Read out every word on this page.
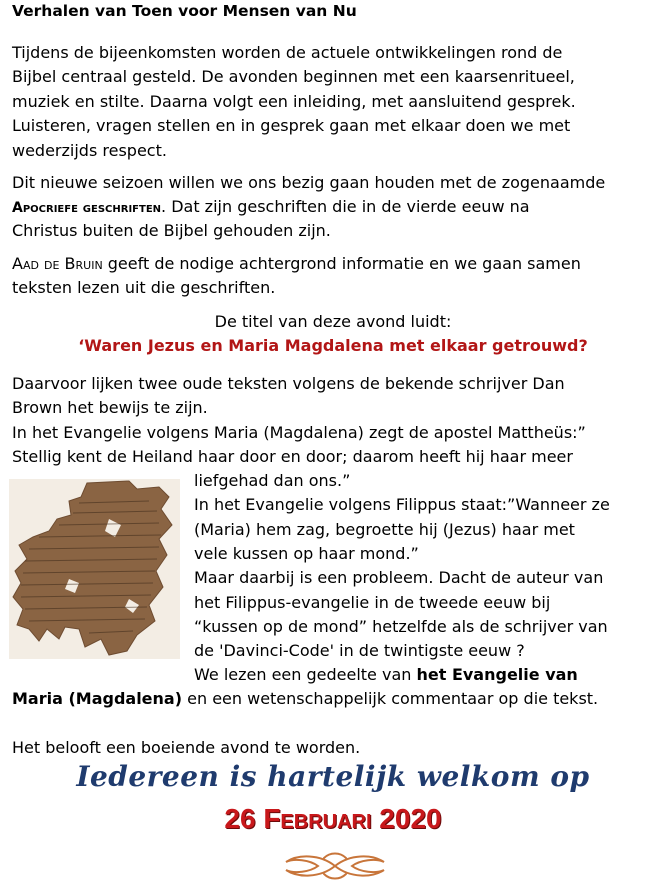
Verhalen van Toen voor Mensen van Nu
Tijdens de bijeenkomsten worden de actuele ontwikkelingen rond de
Bijbel centraal gesteld. De avonden beginnen met een kaarsenritueel,
muziek en stilte. Daarna volgt een inleiding, met aansluitend gesprek.
Luisteren, vragen stellen en in gesprek gaan met elkaar doen we met
wederzijds respect.
Dit nieuwe seizoen willen we ons bezig gaan houden met de zogenaamde
Apocriefe geschriften. Dat zijn geschriften die in de vierde eeuw na
Christus buiten de Bijbel gehouden zijn.
Aad de Bruin geeft de nodige achtergrond informatie en we gaan samen
teksten lezen uit die geschriften.
De titel van deze avond luidt:
‘Waren Jezus en Maria Magdalena met elkaar getrouwd?
Daarvoor lijken twee oude teksten volgens de bekende schrijver Dan
Brown het bewijs te zijn.
In het Evangelie volgens Maria (Magdalena) zegt de apostel Mattheüs:”
Stellig kent de Heiland haar door en door; daarom heeft hij haar meer
liefgehad dan ons.”
In het Evangelie volgens Filippus staat:”Wanneer ze
(Maria) hem zag, begroette hij (Jezus) haar met
vele kussen op haar mond.”
Maar daarbij is een probleem. Dacht de auteur van
het Filippus-evangelie in de tweede eeuw bij
“kussen op de mond” hetzelfde als de schrijver van
de 'Davinci-Code' in de twintigste eeuw ?
We lezen een gedeelte van het Evangelie van
Maria (Magdalena) en een wetenschappelijk commentaar op die tekst.
Het belooft een boeiende avond te worden.
Iedereen is hartelijk welkom op
26 Februari 2020
